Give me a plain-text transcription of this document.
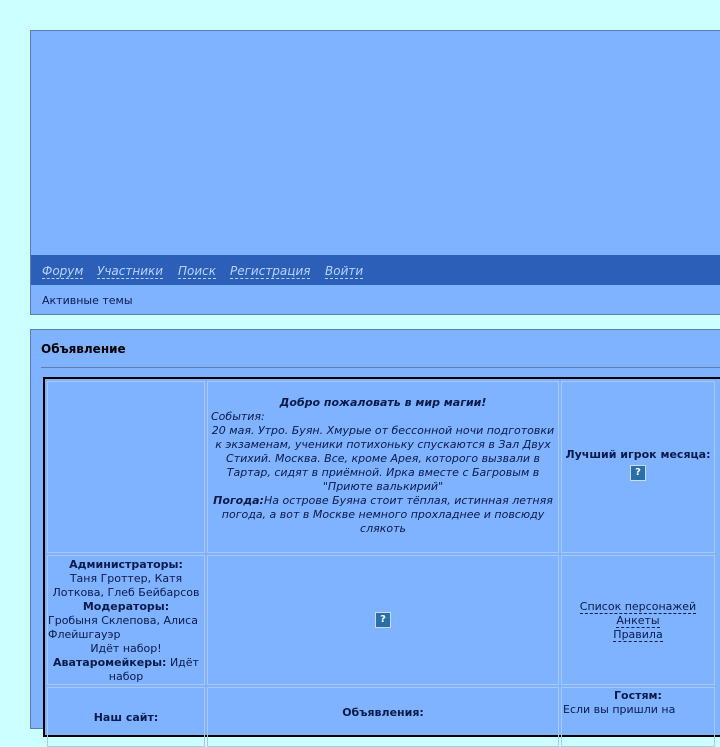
Форум Участники Поиск Регистрация Войти
Активные темы
Объявление
Добро пожаловать в мир магии!
События:
20 мая. Утро. Буян. Хмурые от бессонной ночи подготовки к экзаменам, ученики потихоньку спускаются в Зал Двух Стихий. Москва. Все, кроме Арея, которого вызвали в Тартар, сидят в приёмной. Ирка вместе с Багровым в "Приюте валькирий"
Погода:На острове Буяна стоит тёплая, истинная летняя погода, а вот в Москве немного прохладнее и повсюду слякоть
Лучший игрок месяца:
?
Администраторы:
Таня Гроттер, Катя Лоткова, Глеб Бейбарсов
Модераторы:
Гробыня Склепова, Алиса Флейшгауэр
Идёт набор!
Аватаромейкеры: Идёт набор
?
Список персонажей
Анкеты
Правила
Наш сайт:	Объявления:
Гостям:
Если вы пришли на
